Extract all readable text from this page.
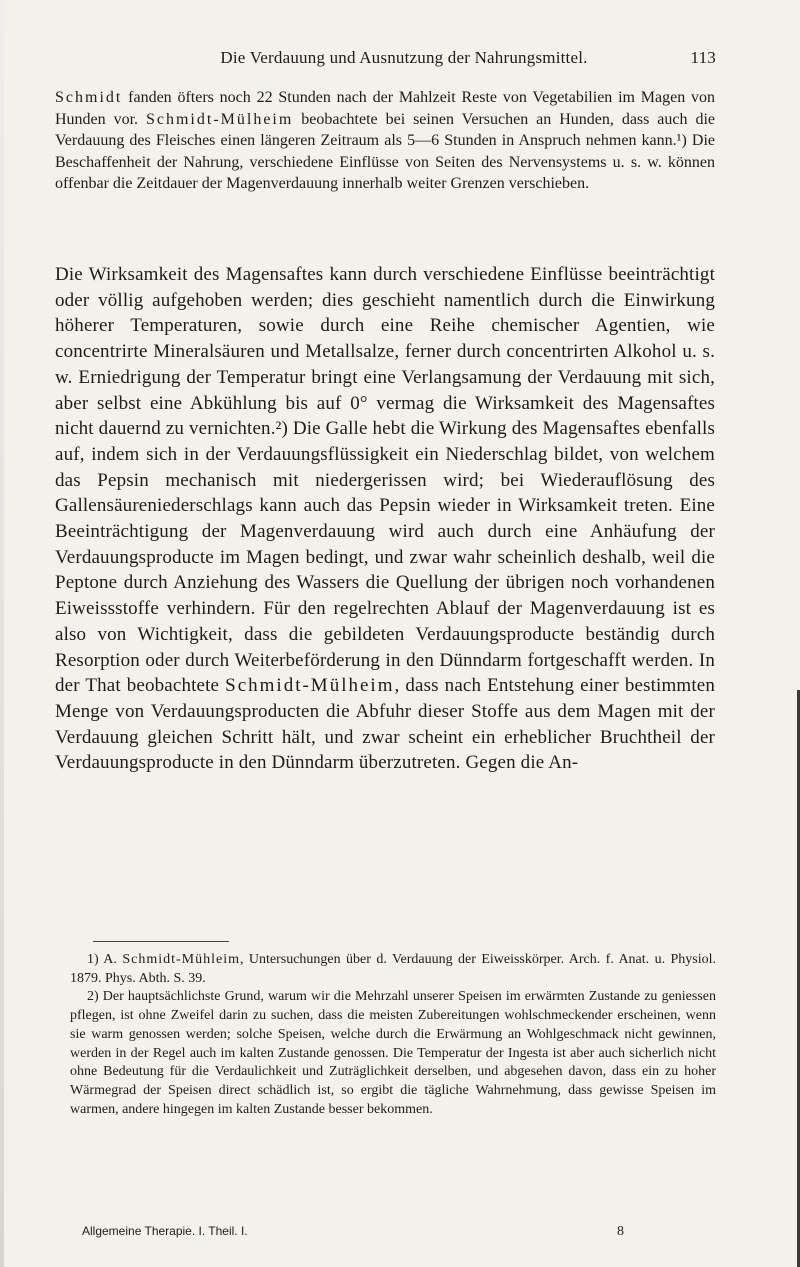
Die Verdauung und Ausnutzung der Nahrungsmittel.	113

Schmidt fanden öfters noch 22 Stunden nach der Mahlzeit Reste von Vegetabilien im Magen von Hunden vor. Schmidt-Mülheim beobachtete bei seinen Versuchen an Hunden, dass auch die Verdauung des Fleisches einen längeren Zeitraum als 5—6 Stunden in Anspruch nehmen kann.¹) Die Beschaffenheit der Nahrung, verschiedene Einflüsse von Seiten des Nervensystems u. s. w. können offenbar die Zeitdauer der Magenverdauung innerhalb weiter Grenzen verschieben.

Die Wirksamkeit des Magensaftes kann durch verschiedene Einflüsse beeinträchtigt oder völlig aufgehoben werden; dies geschieht namentlich durch die Einwirkung höherer Temperaturen, sowie durch eine Reihe chemischer Agentien, wie concentrirte Mineralsäuren und Metallsalze, ferner durch concentrirten Alkohol u. s. w. Erniedrigung der Temperatur bringt eine Verlangsamung der Verdauung mit sich, aber selbst eine Abkühlung bis auf 0° vermag die Wirksamkeit des Magensaftes nicht dauernd zu vernichten.²) Die Galle hebt die Wirkung des Magensaftes ebenfalls auf, indem sich in der Verdauungsflüssigkeit ein Niederschlag bildet, von welchem das Pepsin mechanisch mit niedergerissen wird; bei Wiederauflösung des Gallensäureniederschlags kann auch das Pepsin wieder in Wirksamkeit treten. Eine Beeinträchtigung der Magenverdauung wird auch durch eine Anhäufung der Verdauungsproducte im Magen bedingt, und zwar wahr scheinlich deshalb, weil die Peptone durch Anziehung des Wassers die Quellung der übrigen noch vorhandenen Eiweissstoffe verhindern. Für den regelrechten Ablauf der Magenverdauung ist es also von Wichtigkeit, dass die gebildeten Verdauungsproducte beständig durch Resorption oder durch Weiterbeförderung in den Dünndarm fortgeschafft werden. In der That beobachtete Schmidt-Mülheim, dass nach Entstehung einer bestimmten Menge von Verdauungsproducten die Abfuhr dieser Stoffe aus dem Magen mit der Verdauung gleichen Schritt hält, und zwar scheint ein erheblicher Bruchtheil der Verdauungsproducte in den Dünndarm überzutreten. Gegen die An-

1) A. Schmidt-Mühleim, Untersuchungen über d. Verdauung der Eiweisskörper. Arch. f. Anat. u. Physiol. 1879. Phys. Abth. S. 39.

2) Der hauptsächlichste Grund, warum wir die Mehrzahl unserer Speisen im erwärmten Zustande zu geniessen pflegen, ist ohne Zweifel darin zu suchen, dass die meisten Zubereitungen wohlschmeckender erscheinen, wenn sie warm genossen werden; solche Speisen, welche durch die Erwärmung an Wohlgeschmack nicht gewinnen, werden in der Regel auch im kalten Zustande genossen. Die Temperatur der Ingesta ist aber auch sicherlich nicht ohne Bedeutung für die Verdaulichkeit und Zuträglichkeit derselben, und abgesehen davon, dass ein zu hoher Wärmegrad der Speisen direct schädlich ist, so ergibt die tägliche Wahrnehmung, dass gewisse Speisen im warmen, andere hingegen im kalten Zustande besser bekommen.

Allgemeine Therapie. I. Theil. I.	8
